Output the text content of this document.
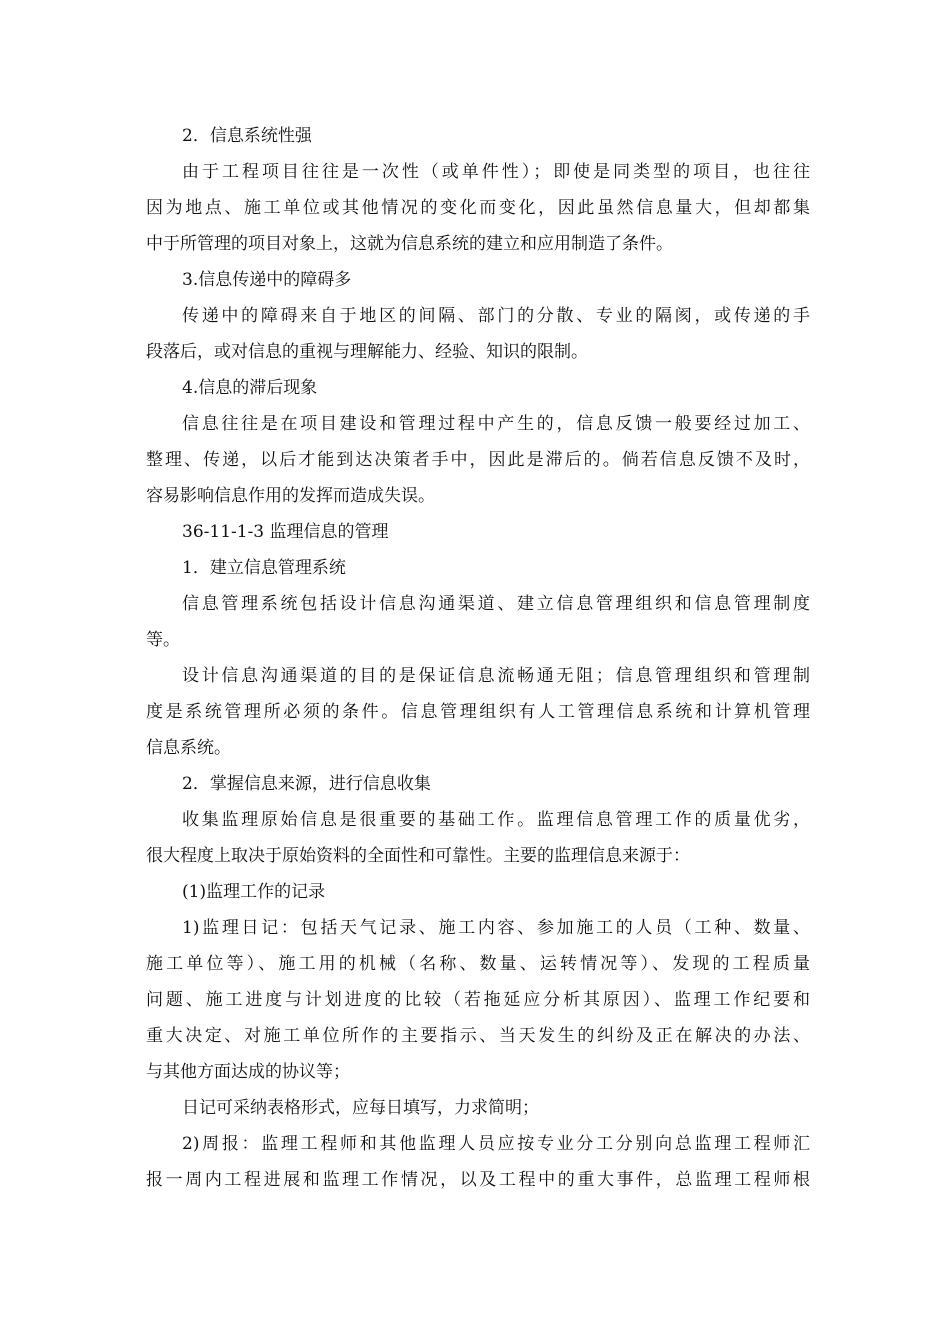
2．信息系统性强
由于工程项目往往是一次性（或单件性）；即使是同类型的项目，也往往
因为地点、施工单位或其他情况的变化而变化，因此虽然信息量大，但却都集
中于所管理的项目对象上，这就为信息系统的建立和应用制造了条件。
3.信息传递中的障碍多
传递中的障碍来自于地区的间隔、部门的分散、专业的隔阂，或传递的手
段落后，或对信息的重视与理解能力、经验、知识的限制。
4.信息的滞后现象
信息往往是在项目建设和管理过程中产生的，信息反馈一般要经过加工、
整理、传递，以后才能到达决策者手中，因此是滞后的。倘若信息反馈不及时，
容易影响信息作用的发挥而造成失误。
36-11-1-3 监理信息的管理
1．建立信息管理系统
信息管理系统包括设计信息沟通渠道、建立信息管理组织和信息管理制度
等。
设计信息沟通渠道的目的是保证信息流畅通无阻；信息管理组织和管理制
度是系统管理所必须的条件。信息管理组织有人工管理信息系统和计算机管理
信息系统。
2．掌握信息来源，进行信息收集
收集监理原始信息是很重要的基础工作。监理信息管理工作的质量优劣，
很大程度上取决于原始资料的全面性和可靠性。主要的监理信息来源于：
(1)监理工作的记录
1)监理日记：包括天气记录、施工内容、参加施工的人员（工种、数量、
施工单位等）、施工用的机械（名称、数量、运转情况等）、发现的工程质量
问题、施工进度与计划进度的比较（若拖延应分析其原因）、监理工作纪要和
重大决定、对施工单位所作的主要指示、当天发生的纠纷及正在解决的办法、
与其他方面达成的协议等；
日记可采纳表格形式，应每日填写，力求简明；
2)周报：监理工程师和其他监理人员应按专业分工分别向总监理工程师汇
报一周内工程进展和监理工作情况，以及工程中的重大事件，总监理工程师根
